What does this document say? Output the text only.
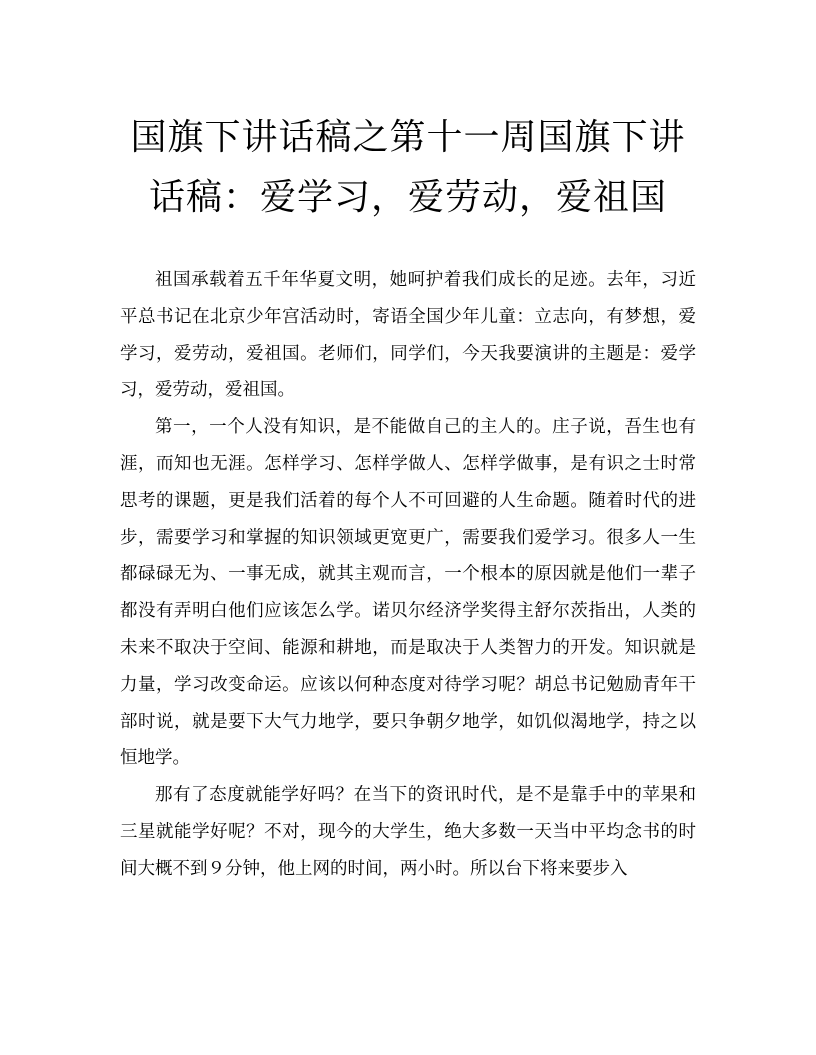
国旗下讲话稿之第十一周国旗下讲话稿：爱学习，爱劳动，爱祖国

祖国承载着五千年华夏文明，她呵护着我们成长的足迹。去年，习近平总书记在北京少年宫活动时，寄语全国少年儿童：立志向，有梦想，爱学习，爱劳动，爱祖国。老师们，同学们，今天我要演讲的主题是：爱学习，爱劳动，爱祖国。

第一，一个人没有知识，是不能做自己的主人的。庄子说，吾生也有涯，而知也无涯。怎样学习、怎样学做人、怎样学做事，是有识之士时常思考的课题，更是我们活着的每个人不可回避的人生命题。随着时代的进步，需要学习和掌握的知识领域更宽更广，需要我们爱学习。很多人一生都碌碌无为、一事无成，就其主观而言，一个根本的原因就是他们一辈子都没有弄明白他们应该怎么学。诺贝尔经济学奖得主舒尔茨指出，人类的未来不取决于空间、能源和耕地，而是取决于人类智力的开发。知识就是力量，学习改变命运。应该以何种态度对待学习呢？胡总书记勉励青年干部时说，就是要下大气力地学，要只争朝夕地学，如饥似渴地学，持之以恒地学。

那有了态度就能学好吗？在当下的资讯时代，是不是靠手中的苹果和三星就能学好呢？不对，现今的大学生，绝大多数一天当中平均念书的时间大概不到９分钟，他上网的时间，两小时。所以台下将来要步入
